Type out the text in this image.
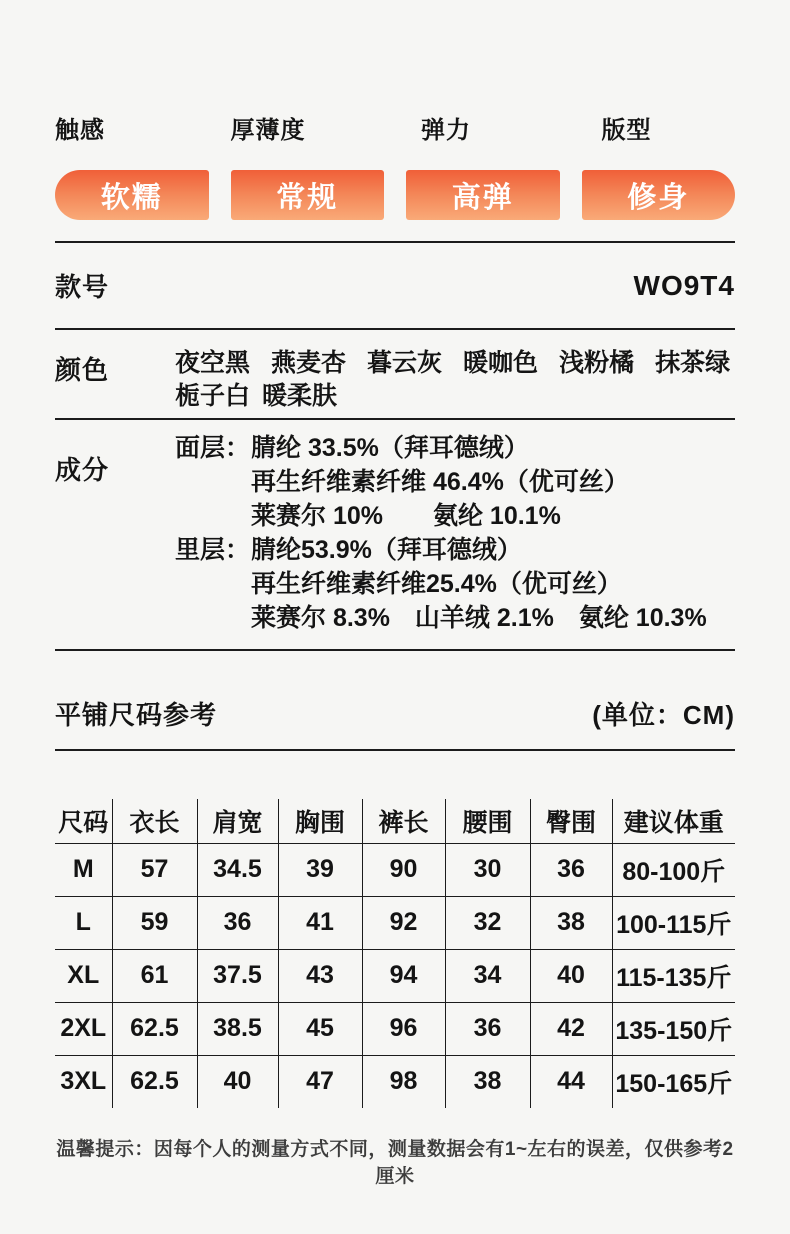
触感
软糯
厚薄度
常规
弹力
高弹
版型
修身
款号	WO9T4
颜色	夜空黑 燕麦杏 暮云灰 暖咖色 浅粉橘 抹茶绿
栀子白 暖柔肤
成分
面层： 腈纶 33.5%（拜耳德绒）
再生纤维素纤维 46.4%（优可丝）
莱赛尔 10%　　氨纶 10.1%
里层： 腈纶53.9%（拜耳德绒）
再生纤维素纤维25.4%（优可丝）
莱赛尔 8.3%　山羊绒 2.1%　氨纶 10.3%
平铺尺码参考	(单位：CM)
尺码	衣长	肩宽	胸围	裤长	腰围	臀围	建议体重
M	57	34.5	39	90	30	36	80-100斤
L	59	36	41	92	32	38	100-115斤
XL	61	37.5	43	94	34	40	115-135斤
2XL	62.5	38.5	45	96	36	42	135-150斤
3XL	62.5	40	47	98	38	44	150-165斤
温馨提示：因每个人的测量方式不同，测量数据会有1~左右的误差，仅供参考2厘米
